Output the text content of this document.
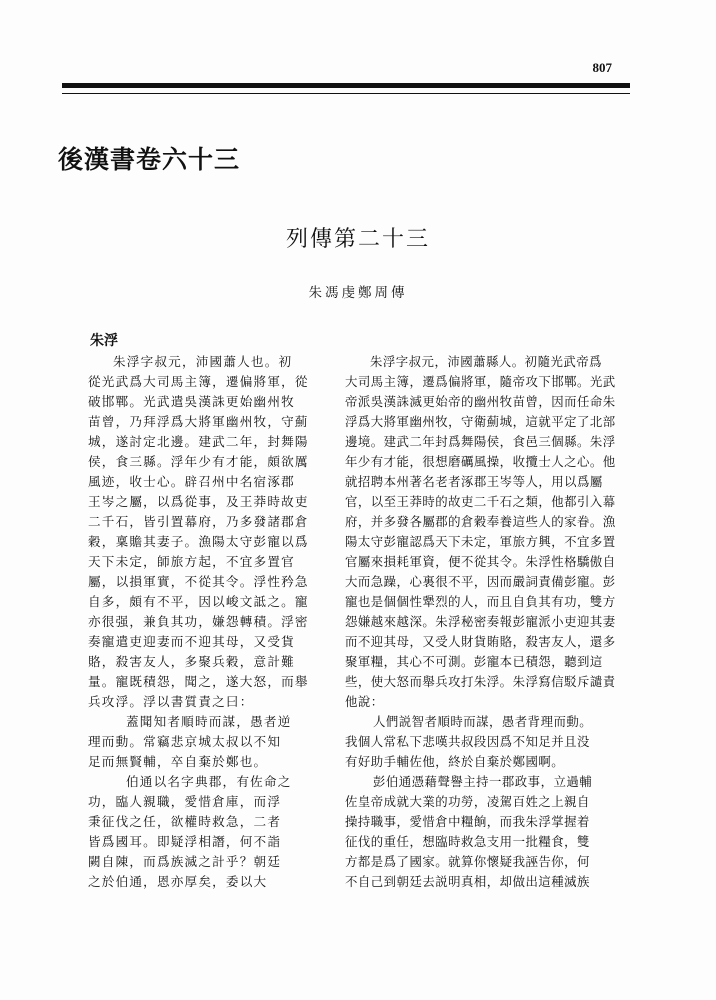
807
後漢書卷六十三
列傳第二十三
朱馮虔鄭周傳
朱浮
朱浮字叔元，沛國蕭人也。初
從光武爲大司馬主簿，遷偏將軍，從
破邯鄲。光武遣吳漢誅更始幽州牧
苗曾，乃拜浮爲大將軍幽州牧，守薊
城，遂討定北邊。建武二年，封舞陽
侯，食三縣。浮年少有才能，頗欲厲
風迹，收士心。辟召州中名宿涿郡
王岑之屬，以爲從事，及王莽時故吏
二千石，皆引置幕府，乃多發諸郡倉
穀，稟贍其妻子。漁陽太守彭寵以爲
天下未定，師旅方起，不宜多置官
屬，以損軍實，不從其令。浮性矜急
自多，頗有不平，因以峻文詆之。寵
亦很强，兼負其功，嫌怨轉積。浮密
奏寵遣吏迎妻而不迎其母，又受貨
賂，殺害友人，多聚兵穀，意計難
量。寵既積怨，聞之，遂大怒，而舉
兵攻浮。浮以書質責之曰：
蓋聞知者順時而謀，愚者逆
理而動。常竊悲京城太叔以不知
足而無賢輔，卒自棄於鄭也。
伯通以名字典郡，有佐命之
功，臨人親職，愛惜倉庫，而浮
秉征伐之任，欲權時救急，二者
皆爲國耳。即疑浮相譖，何不詣
闕自陳，而爲族滅之計乎？朝廷
之於伯通，恩亦厚矣，委以大
朱浮字叔元，沛國蕭縣人。初隨光武帝爲
大司馬主簿，遷爲偏將軍，隨帝攻下邯鄲。光武
帝派吳漢誅滅更始帝的幽州牧苗曾，因而任命朱
浮爲大將軍幽州牧，守衛薊城，這就平定了北部
邊境。建武二年封爲舞陽侯，食邑三個縣。朱浮
年少有才能，很想磨礪風操，收攬士人之心。他
就招聘本州著名老者涿郡王岑等人，用以爲屬
官，以至王莽時的故吏二千石之類，他都引入幕
府，并多發各屬郡的倉穀奉養這些人的家眷。漁
陽太守彭寵認爲天下未定，軍旅方興，不宜多置
官屬來損耗軍資，便不從其令。朱浮性格驕傲自
大而急躁，心裏很不平，因而嚴詞責備彭寵。彭
寵也是個個性犟烈的人，而且自負其有功，雙方
怨嫌越來越深。朱浮秘密奏報彭寵派小吏迎其妻
而不迎其母，又受人財貨賄賂，殺害友人，還多
聚軍糧，其心不可測。彭寵本已積怨，聽到這
些，使大怒而舉兵攻打朱浮。朱浮寫信駁斥譴責
他說：
人們説智者順時而謀，愚者背理而動。
我個人常私下悲嘆共叔段因爲不知足并且没
有好助手輔佐他，終於自棄於鄭國啊。
彭伯通憑藉聲譽主持一郡政事，立過輔
佐皇帝成就大業的功勞，凌駕百姓之上親自
操持職事，愛惜倉中糧餉，而我朱浮掌握着
征伐的重任，想臨時救急支用一批糧食，雙
方都是爲了國家。就算你懷疑我誣告你，何
不自己到朝廷去説明真相，却做出這種滅族
